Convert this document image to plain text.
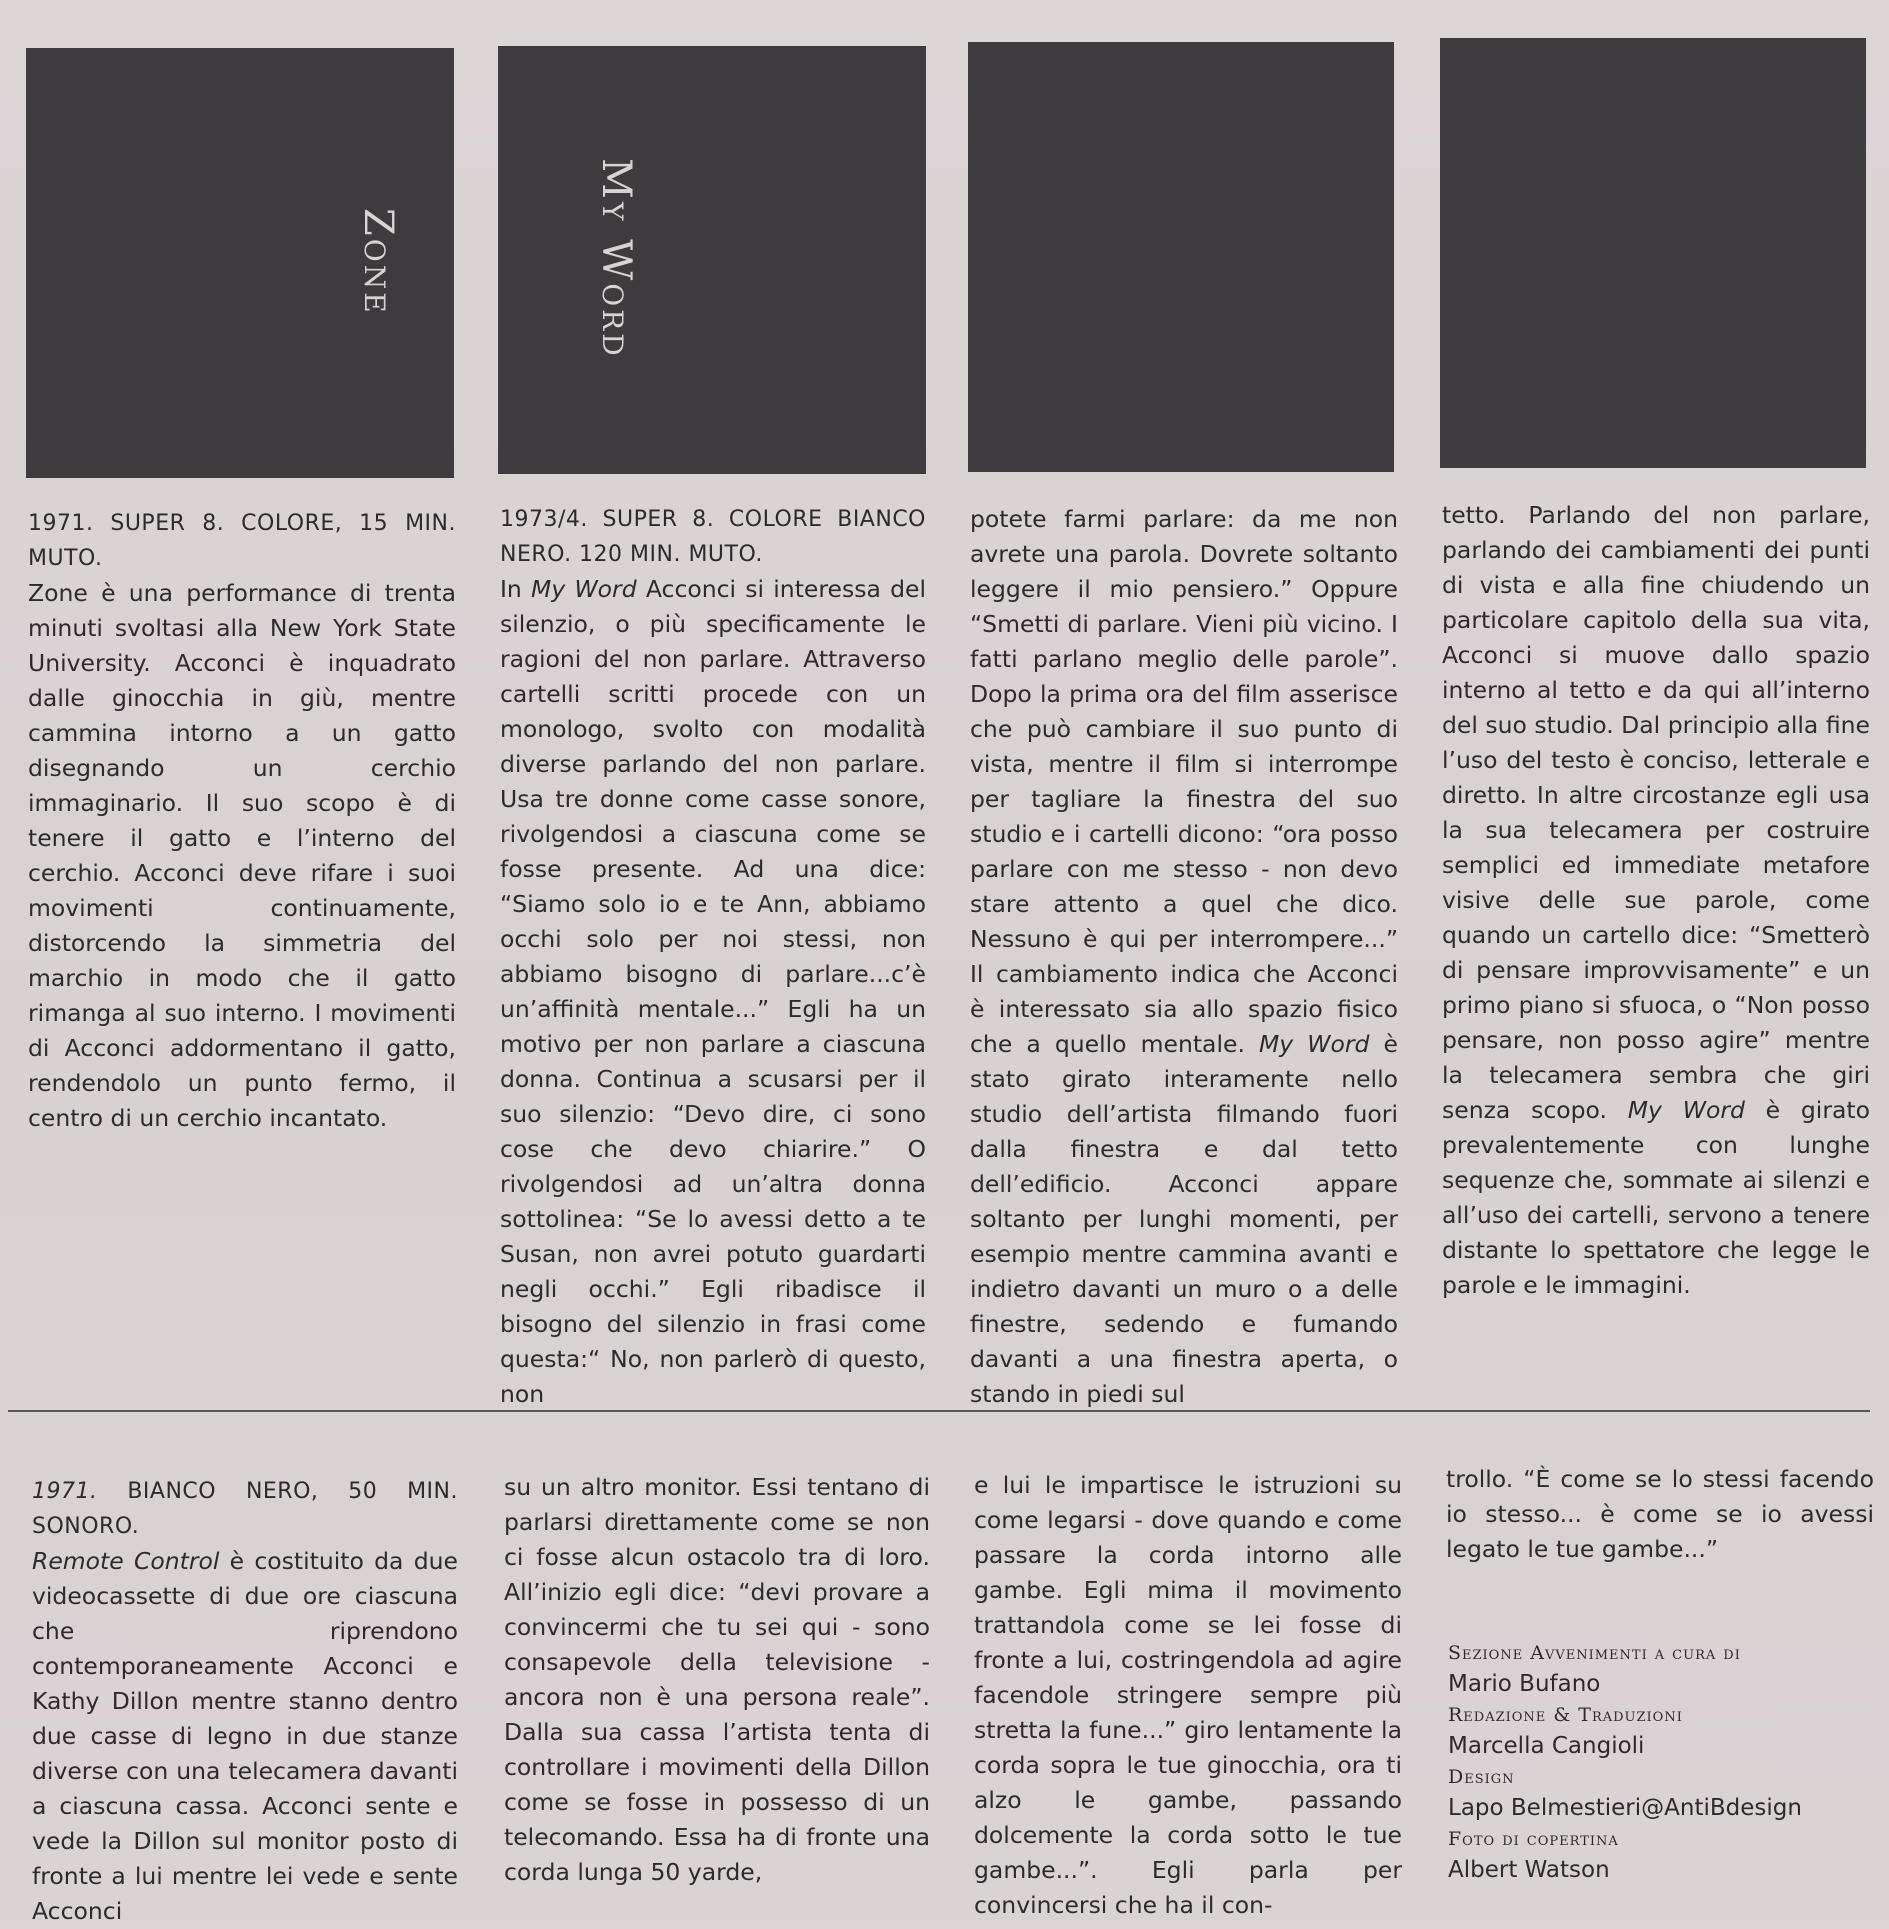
Zone	My Word

1971. SUPER 8. COLORE, 15 MIN. MUTO.

Zone è una performance di trenta minuti svoltasi alla New York State University. Acconci è inquadrato dalle ginocchia in giù, mentre cammina intorno a un gatto disegnando un cerchio immaginario. Il suo scopo è di tenere il gatto e l’interno del cerchio. Acconci deve rifare i suoi movimenti continuamente, distorcendo la simmetria del marchio in modo che il gatto rimanga al suo interno. I movimenti di Acconci addormentano il gatto, rendendolo un punto fermo, il centro di un cerchio incantato.

1973/4. SUPER 8. COLORE BIANCO NERO. 120 MIN. MUTO.

In My Word Acconci si interessa del silenzio, o più specificamente le ragioni del non parlare. Attraverso cartelli scritti procede con un monologo, svolto con modalità diverse parlando del non parlare. Usa tre donne come casse sonore, rivolgendosi a ciascuna come se fosse presente. Ad una dice: “Siamo solo io e te Ann, abbiamo occhi solo per noi stessi, non abbiamo bisogno di parlare...c’è un’affinità mentale...” Egli ha un motivo per non parlare a ciascuna donna. Continua a scusarsi per il suo silenzio: “Devo dire, ci sono cose che devo chiarire.” O rivolgendosi ad un’altra donna sottolinea: “Se lo avessi detto a te Susan, non avrei potuto guardarti negli occhi.” Egli ribadisce il bisogno del silenzio in frasi come questa:“ No, non parlerò di questo, non

potete farmi parlare: da me non avrete una parola. Dovrete soltanto leggere il mio pensiero.” Oppure “Smetti di parlare. Vieni più vicino. I fatti parlano meglio delle parole”. Dopo la prima ora del film asserisce che può cambiare il suo punto di vista, mentre il film si interrompe per tagliare la finestra del suo studio e i cartelli dicono: “ora posso parlare con me stesso - non devo stare attento a quel che dico. Nessuno è qui per interrompere...” Il cambiamento indica che Acconci è interessato sia allo spazio fisico che a quello mentale. My Word è stato girato interamente nello studio dell’artista filmando fuori dalla finestra e dal tetto dell’edificio. Acconci appare soltanto per lunghi momenti, per esempio mentre cammina avanti e indietro davanti un muro o a delle finestre, sedendo e fumando davanti a una finestra aperta, o stando in piedi sul

tetto. Parlando del non parlare, parlando dei cambiamenti dei punti di vista e alla fine chiudendo un particolare capitolo della sua vita, Acconci si muove dallo spazio interno al tetto e da qui all’interno del suo studio. Dal principio alla fine l’uso del testo è conciso, letterale e diretto. In altre circostanze egli usa la sua telecamera per costruire semplici ed immediate metafore visive delle sue parole, come quando un cartello dice: “Smetterò di pensare improvvisamente” e un primo piano si sfuoca, o “Non posso pensare, non posso agire” mentre la telecamera sembra che giri senza scopo. My Word è girato prevalentemente con lunghe sequenze che, sommate ai silenzi e all’uso dei cartelli, servono a tenere distante lo spettatore che legge le parole e le immagini.

1971. BIANCO NERO, 50 MIN. SONORO.

Remote Control è costituito da due videocassette di due ore ciascuna che riprendono contemporaneamente Acconci e Kathy Dillon mentre stanno dentro due casse di legno in due stanze diverse con una telecamera davanti a ciascuna cassa. Acconci sente e vede la Dillon sul monitor posto di fronte a lui mentre lei vede e sente Acconci

su un altro monitor. Essi tentano di parlarsi direttamente come se non ci fosse alcun ostacolo tra di loro. All’inizio egli dice: “devi provare a convincermi che tu sei qui - sono consapevole della televisione - ancora non è una persona reale”. Dalla sua cassa l’artista tenta di controllare i movimenti della Dillon come se fosse in possesso di un telecomando. Essa ha di fronte una corda lunga 50 yarde,

e lui le impartisce le istruzioni su come legarsi - dove quando e come passare la corda intorno alle gambe. Egli mima il movimento trattandola come se lei fosse di fronte a lui, costringendola ad agire facendole stringere sempre più stretta la fune...” giro lentamente la corda sopra le tue ginocchia, ora ti alzo le gambe, passando dolcemente la corda sotto le tue gambe...”. Egli parla per convincersi che ha il con-

trollo. “È come se lo stessi facendo io stesso... è come se io avessi legato le tue gambe...”

Sezione Avvenimenti a cura di
Mario Bufano
Redazione & Traduzioni
Marcella Cangioli
Design
Lapo Belmestieri@AntiBdesign
Foto di copertina
Albert Watson
